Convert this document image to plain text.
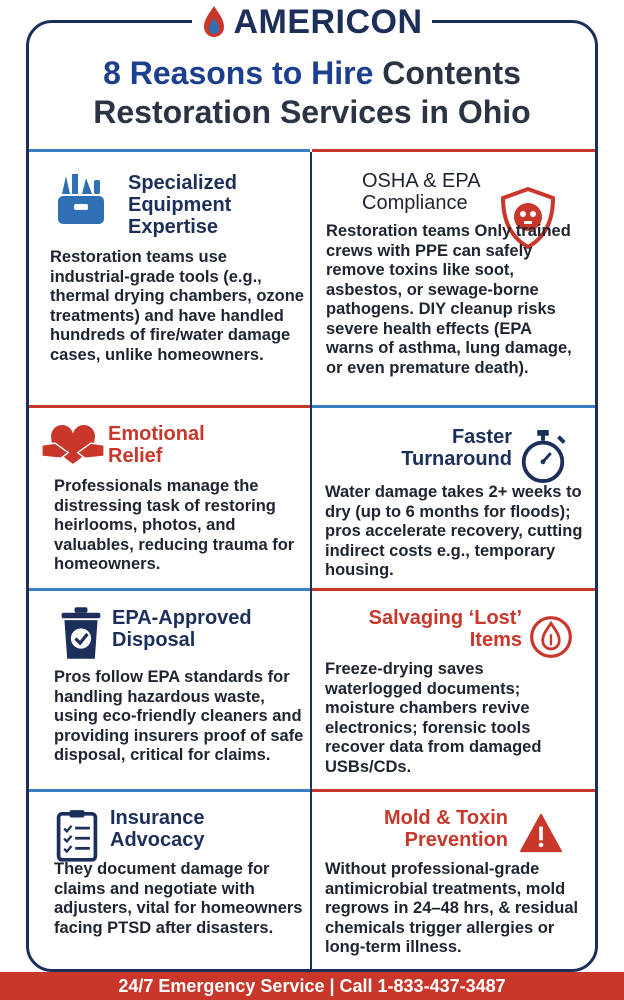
AMERICON
8 Reasons to Hire Contents
Restoration Services in Ohio
Specialized Equipment Expertise
Restoration teams use industrial-grade tools (e.g., thermal drying chambers, ozone treatments) and have handled hundreds of fire/water damage cases, unlike homeowners.
OSHA & EPA Compliance
Restoration teams Only trained crews with PPE can safely remove toxins like soot, asbestos, or sewage-borne pathogens. DIY cleanup risks severe health effects (EPA warns of asthma, lung damage, or even premature death).
Emotional Relief
Professionals manage the distressing task of restoring heirlooms, photos, and valuables, reducing trauma for homeowners.
Faster Turnaround
Water damage takes 2+ weeks to dry (up to 6 months for floods); pros accelerate recovery, cutting indirect costs e.g., temporary housing.
EPA-Approved Disposal
Pros follow EPA standards for handling hazardous waste, using eco-friendly cleaners and providing insurers proof of safe disposal, critical for claims.
Salvaging ‘Lost’ Items
Freeze-drying saves waterlogged documents; moisture chambers revive electronics; forensic tools recover data from damaged USBs/CDs.
Insurance Advocacy
They document damage for claims and negotiate with adjusters, vital for homeowners facing PTSD after disasters.
Mold & Toxin Prevention
Without professional-grade antimicrobial treatments, mold regrows in 24–48 hrs, & residual chemicals trigger allergies or long-term illness.
24/7 Emergency Service | Call 1-833-437-3487
